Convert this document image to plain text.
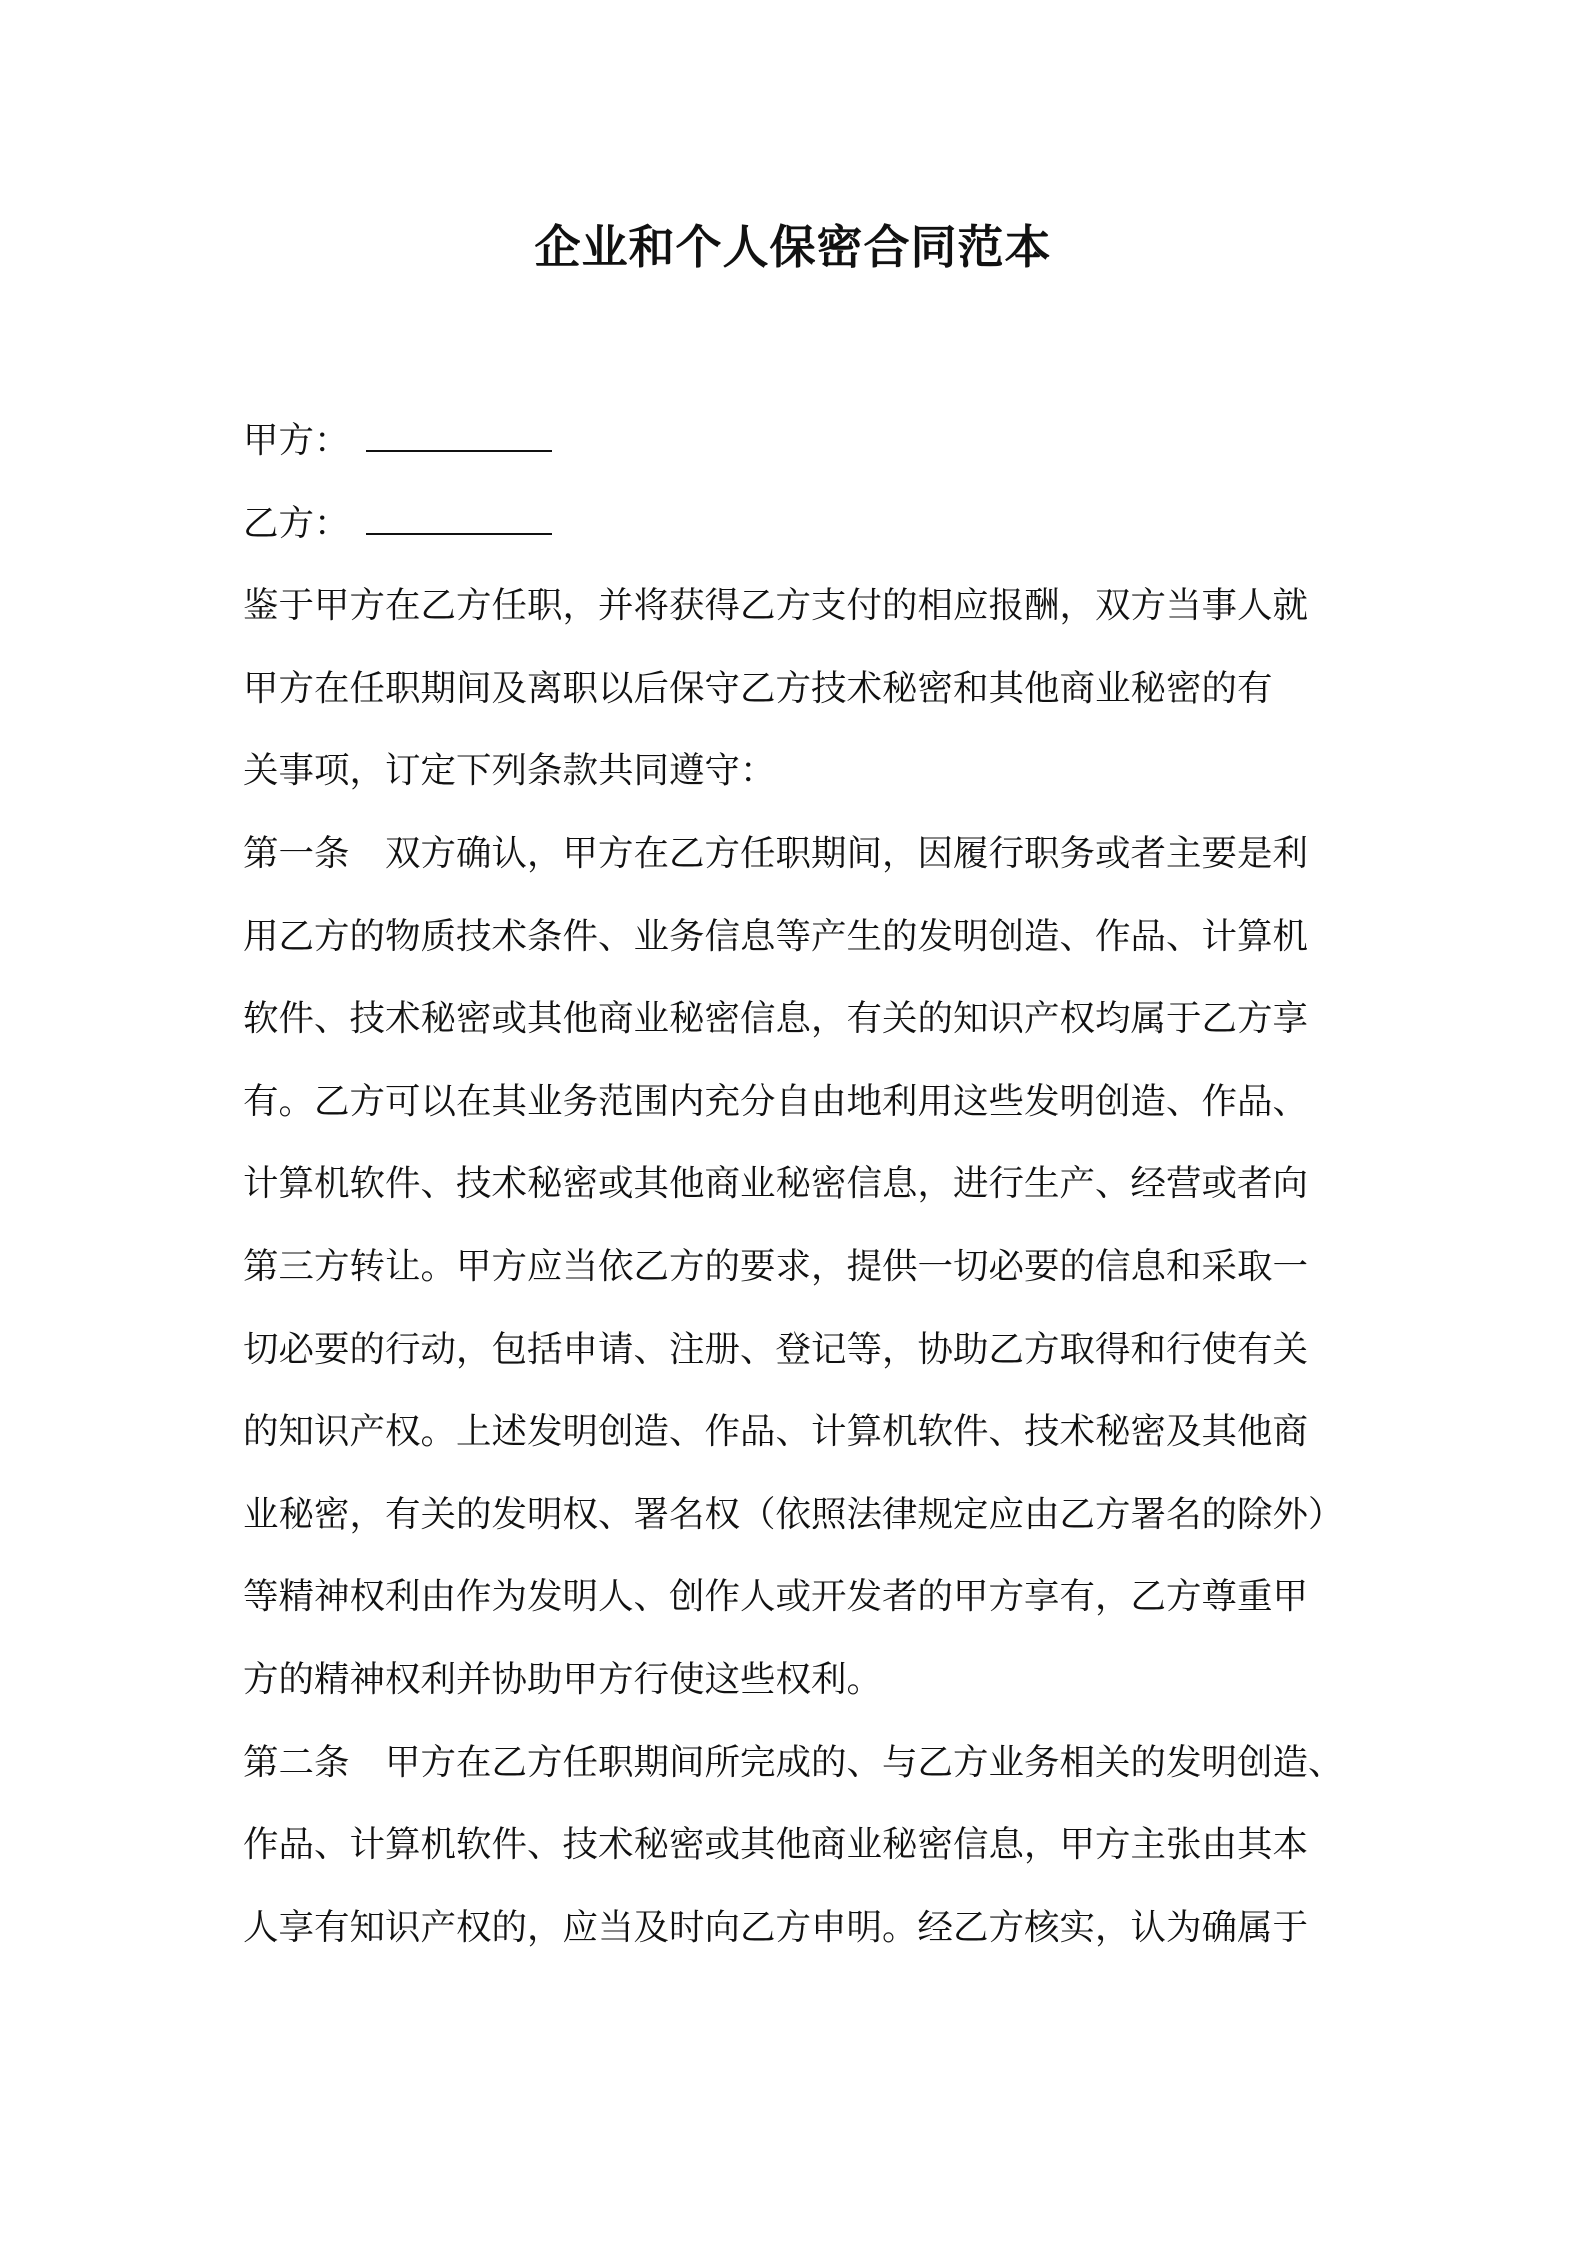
企业和个人保密合同范本
甲方：
乙方：
鉴于甲方在乙方任职，并将获得乙方支付的相应报酬，双方当事人就
甲方在任职期间及离职以后保守乙方技术秘密和其他商业秘密的有
关事项，订定下列条款共同遵守：
第一条　双方确认，甲方在乙方任职期间，因履行职务或者主要是利
用乙方的物质技术条件、业务信息等产生的发明创造、作品、计算机
软件、技术秘密或其他商业秘密信息，有关的知识产权均属于乙方享
有。乙方可以在其业务范围内充分自由地利用这些发明创造、作品、
计算机软件、技术秘密或其他商业秘密信息，进行生产、经营或者向
第三方转让。甲方应当依乙方的要求，提供一切必要的信息和采取一
切必要的行动，包括申请、注册、登记等，协助乙方取得和行使有关
的知识产权。上述发明创造、作品、计算机软件、技术秘密及其他商
业秘密，有关的发明权、署名权（依照法律规定应由乙方署名的除外）
等精神权利由作为发明人、创作人或开发者的甲方享有，乙方尊重甲
方的精神权利并协助甲方行使这些权利。
第二条　甲方在乙方任职期间所完成的、与乙方业务相关的发明创造、
作品、计算机软件、技术秘密或其他商业秘密信息，甲方主张由其本
人享有知识产权的，应当及时向乙方申明。经乙方核实，认为确属于
